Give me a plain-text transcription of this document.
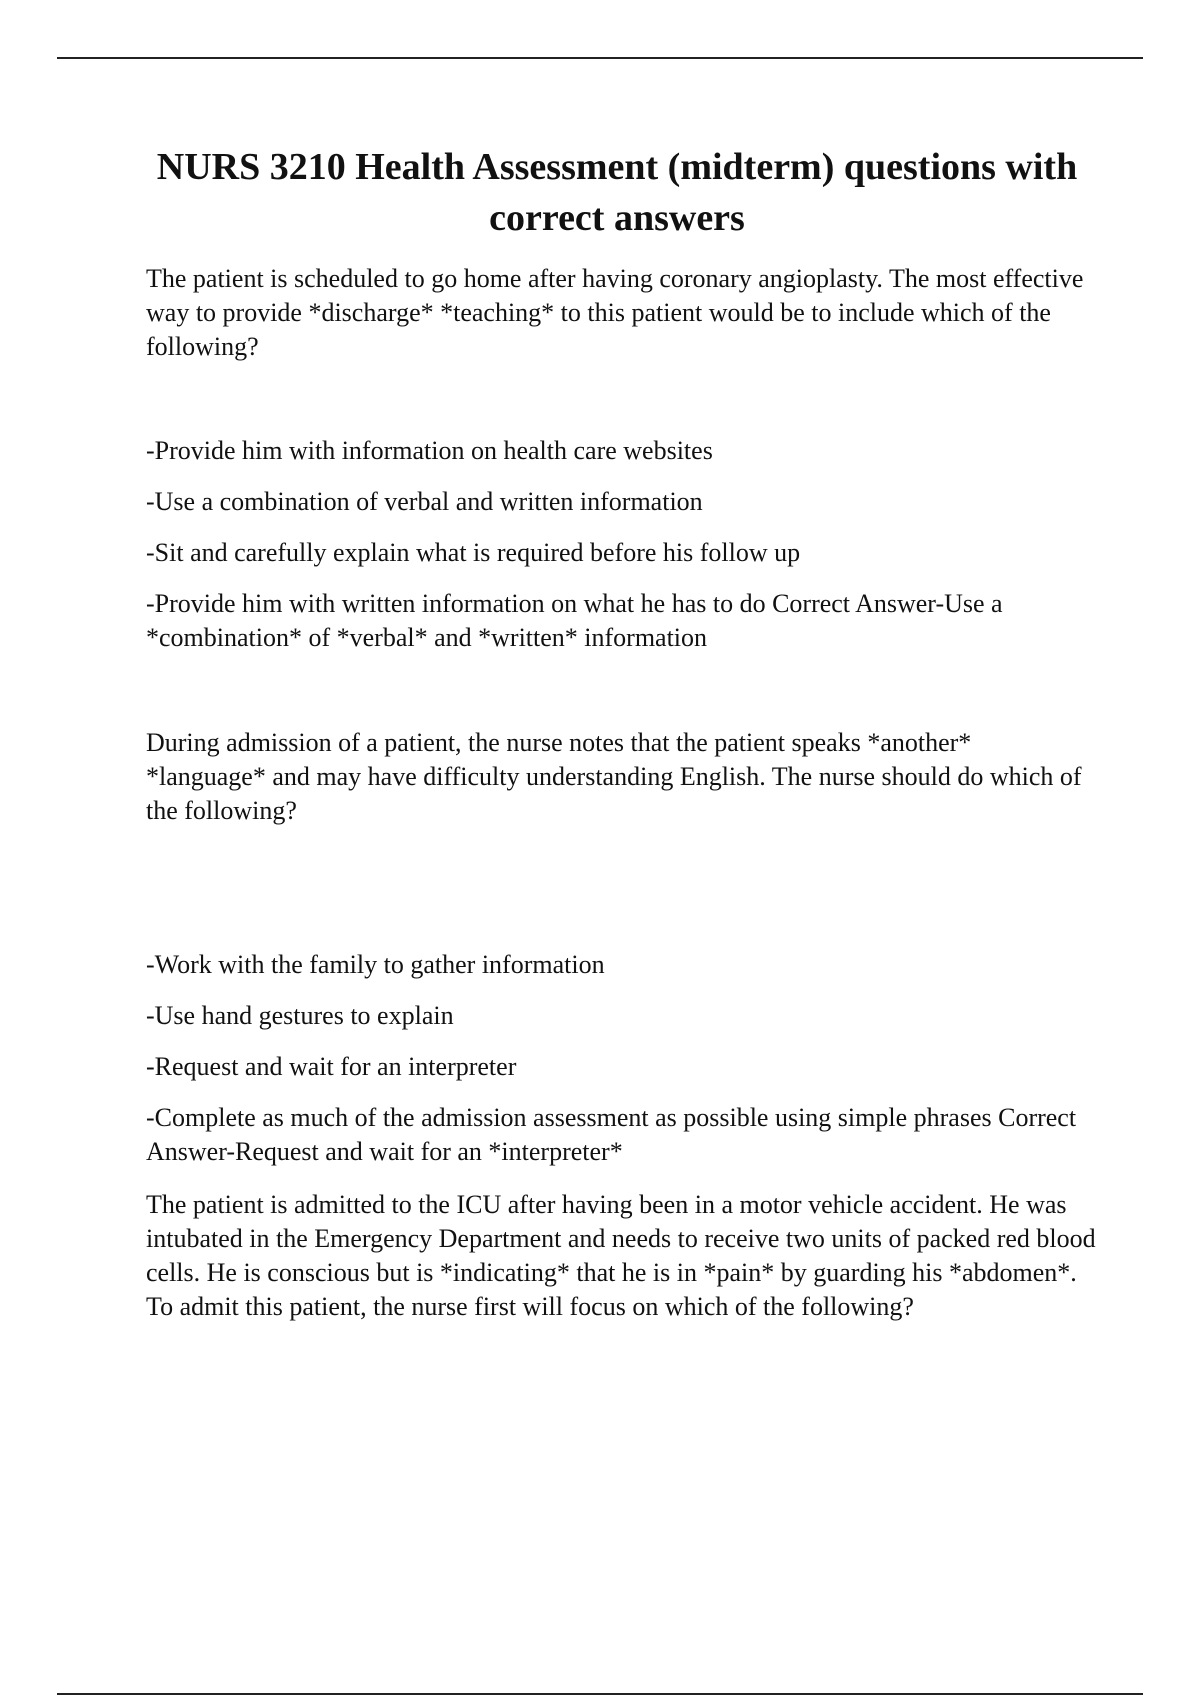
NURS 3210 Health Assessment (midterm) questions with correct answers

The patient is scheduled to go home after having coronary angioplasty. The most effective way to provide *discharge* *teaching* to this patient would be to include which of the following?

-Provide him with information on health care websites

-Use a combination of verbal and written information

-Sit and carefully explain what is required before his follow up

-Provide him with written information on what he has to do Correct Answer-Use a *combination* of *verbal* and *written* information

During admission of a patient, the nurse notes that the patient speaks *another* *language* and may have difficulty understanding English. The nurse should do which of the following?

-Work with the family to gather information

-Use hand gestures to explain

-Request and wait for an interpreter

-Complete as much of the admission assessment as possible using simple phrases Correct Answer-Request and wait for an *interpreter*

The patient is admitted to the ICU after having been in a motor vehicle accident. He was intubated in the Emergency Department and needs to receive two units of packed red blood cells. He is conscious but is *indicating* that he is in *pain* by guarding his *abdomen*. To admit this patient, the nurse first will focus on which of the following?
